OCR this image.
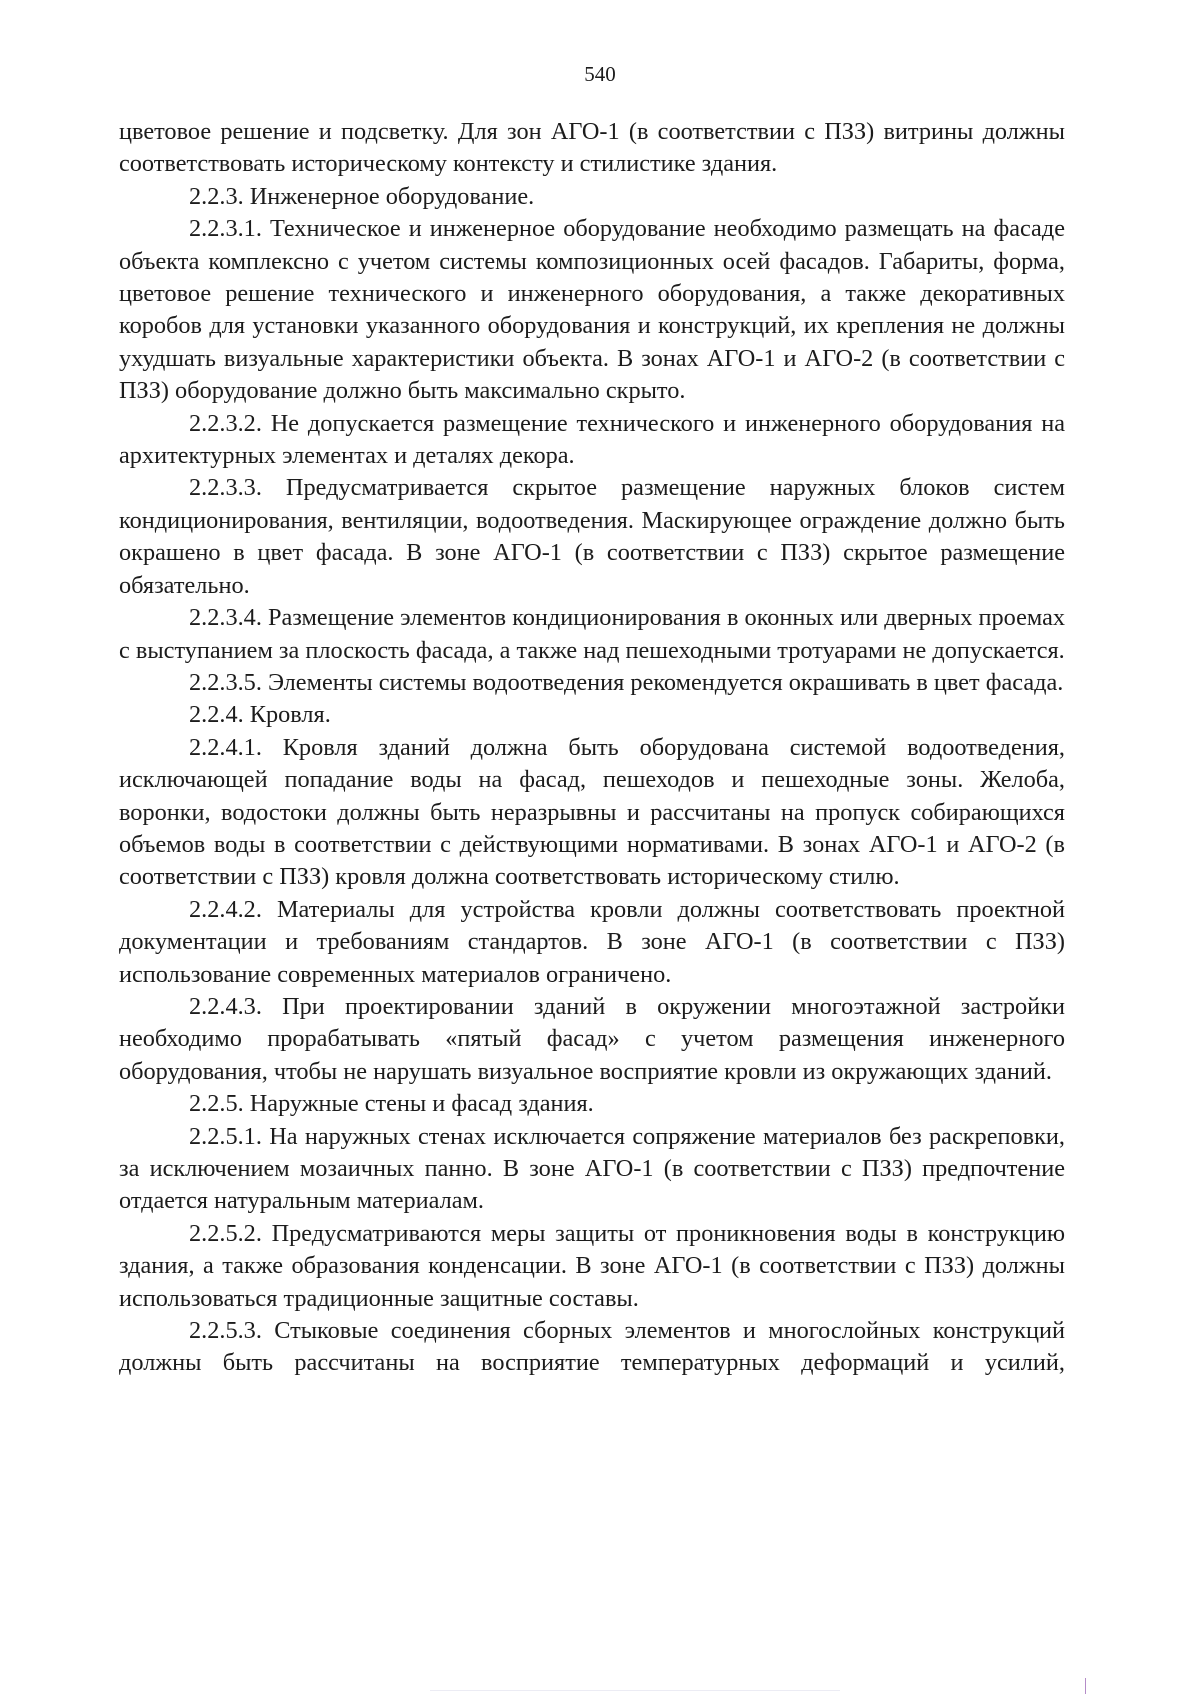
540

цветовое решение и подсветку. Для зон АГО-1 (в соответствии с ПЗЗ) витрины должны соответствовать историческому контексту и стилистике здания.

2.2.3. Инженерное оборудование.

2.2.3.1. Техническое и инженерное оборудование необходимо размещать на фасаде объекта комплексно с учетом системы композиционных осей фасадов. Габариты, форма, цветовое решение технического и инженерного оборудования, а также декоративных коробов для установки указанного оборудования и конструкций, их крепления не должны ухудшать визуальные характеристики объекта. В зонах АГО-1 и АГО-2 (в соответствии с ПЗЗ) оборудование должно быть максимально скрыто.

2.2.3.2. Не допускается размещение технического и инженерного оборудования на архитектурных элементах и деталях декора.

2.2.3.3. Предусматривается скрытое размещение наружных блоков систем кондиционирования, вентиляции, водоотведения. Маскирующее ограждение должно быть окрашено в цвет фасада. В зоне АГО-1 (в соответствии с ПЗЗ) скрытое размещение обязательно.

2.2.3.4. Размещение элементов кондиционирования в оконных или дверных проемах с выступанием за плоскость фасада, а также над пешеходными тротуарами не допускается.

2.2.3.5. Элементы системы водоотведения рекомендуется окрашивать в цвет фасада.

2.2.4. Кровля.

2.2.4.1. Кровля зданий должна быть оборудована системой водоотведения, исключающей попадание воды на фасад, пешеходов и пешеходные зоны. Желоба, воронки, водостоки должны быть неразрывны и рассчитаны на пропуск собирающихся объемов воды в соответствии с действующими нормативами. В зонах АГО-1 и АГО-2 (в соответствии с ПЗЗ) кровля должна соответствовать историческому стилю.

2.2.4.2. Материалы для устройства кровли должны соответствовать проектной документации и требованиям стандартов. В зоне АГО-1 (в соответствии с ПЗЗ) использование современных материалов ограничено.

2.2.4.3. При проектировании зданий в окружении многоэтажной застройки необходимо прорабатывать «пятый фасад» с учетом размещения инженерного оборудования, чтобы не нарушать визуальное восприятие кровли из окружающих зданий.

2.2.5. Наружные стены и фасад здания.

2.2.5.1. На наружных стенах исключается сопряжение материалов без раскреповки, за исключением мозаичных панно. В зоне АГО-1 (в соответствии с ПЗЗ) предпочтение отдается натуральным материалам.

2.2.5.2. Предусматриваются меры защиты от проникновения воды в конструкцию здания, а также образования конденсации. В зоне АГО-1 (в соответствии с ПЗЗ) должны использоваться традиционные защитные составы.

2.2.5.3. Стыковые соединения сборных элементов и многослойных конструкций должны быть рассчитаны на восприятие температурных деформаций и усилий,
